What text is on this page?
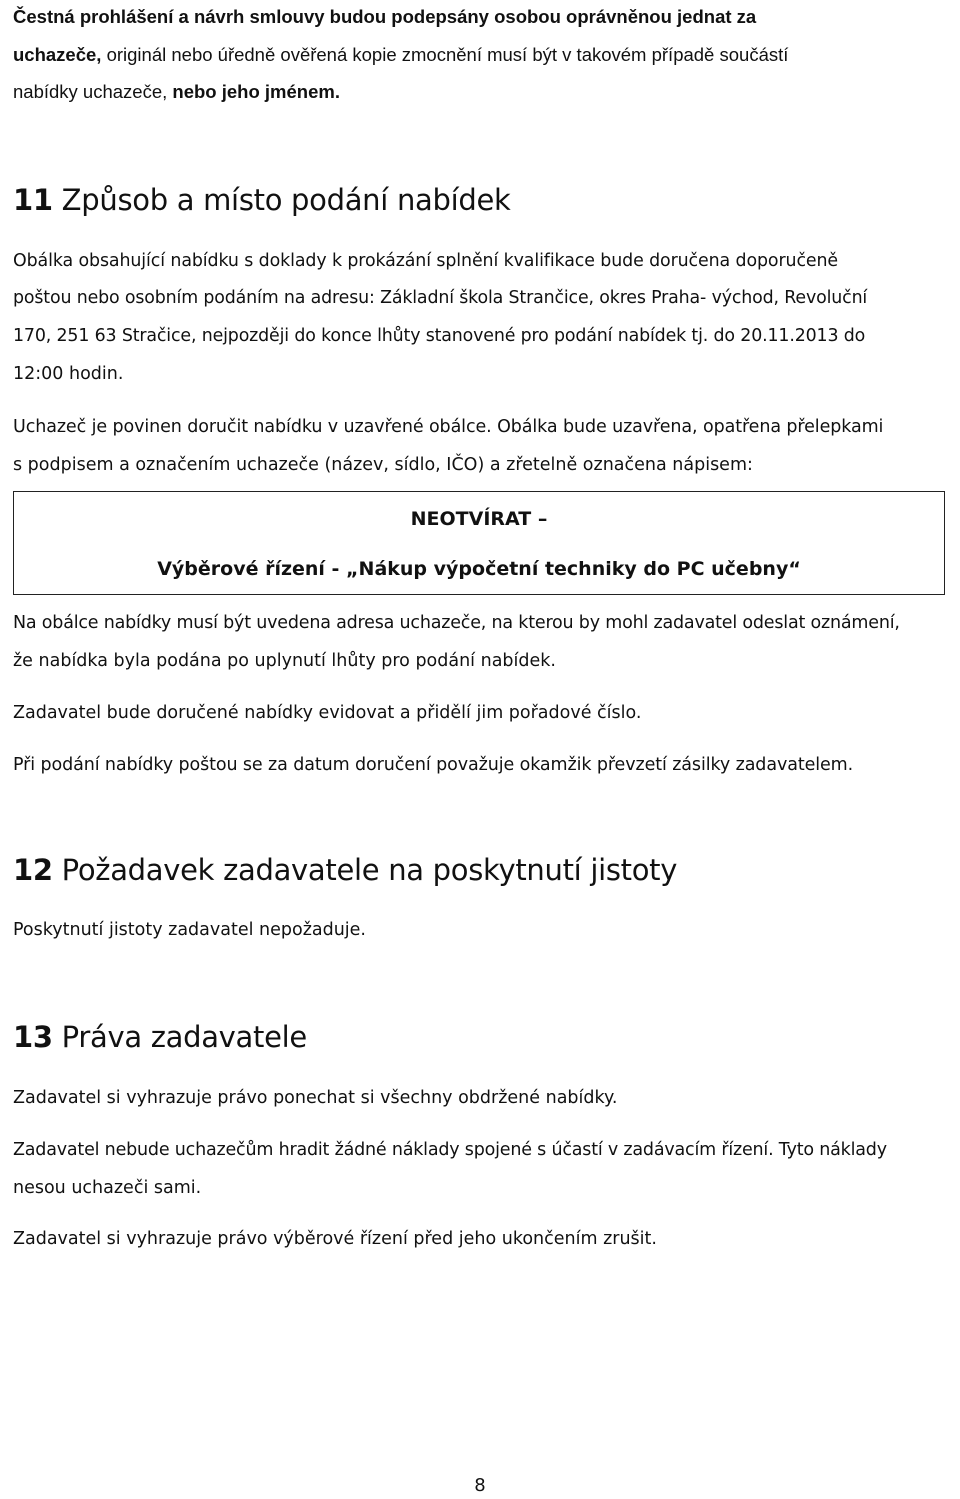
Čestná prohlášení a návrh smlouvy budou podepsány osobou oprávněnou jednat za
uchazeče, originál nebo úředně ověřená kopie zmocnění musí být v takovém případě součástí
nabídky uchazeče, nebo jeho jménem.
11 Způsob a místo podání nabídek
Obálka obsahující nabídku s doklady k prokázání splnění kvalifikace bude doručena doporučeně
poštou nebo osobním podáním na adresu: Základní škola Strančice, okres Praha- východ, Revoluční
170, 251 63 Stračice, nejpozději do konce lhůty stanovené pro podání nabídek tj. do 20.11.2013 do
12:00 hodin.
Uchazeč je povinen doručit nabídku v uzavřené obálce. Obálka bude uzavřena, opatřena přelepkami
s podpisem a označením uchazeče (název, sídlo, IČO) a zřetelně označena nápisem:
NEOTVÍRAT –
Výběrové řízení - „Nákup výpočetní techniky do PC učebny“
Na obálce nabídky musí být uvedena adresa uchazeče, na kterou by mohl zadavatel odeslat oznámení,
že nabídka byla podána po uplynutí lhůty pro podání nabídek.
Zadavatel bude doručené nabídky evidovat a přidělí jim pořadové číslo.
Při podání nabídky poštou se za datum doručení považuje okamžik převzetí zásilky zadavatelem.
12 Požadavek zadavatele na poskytnutí jistoty
Poskytnutí jistoty zadavatel nepožaduje.
13 Práva zadavatele
Zadavatel si vyhrazuje právo ponechat si všechny obdržené nabídky.
Zadavatel nebude uchazečům hradit žádné náklady spojené s účastí v zadávacím řízení. Tyto náklady
nesou uchazeči sami.
Zadavatel si vyhrazuje právo výběrové řízení před jeho ukončením zrušit.
8
